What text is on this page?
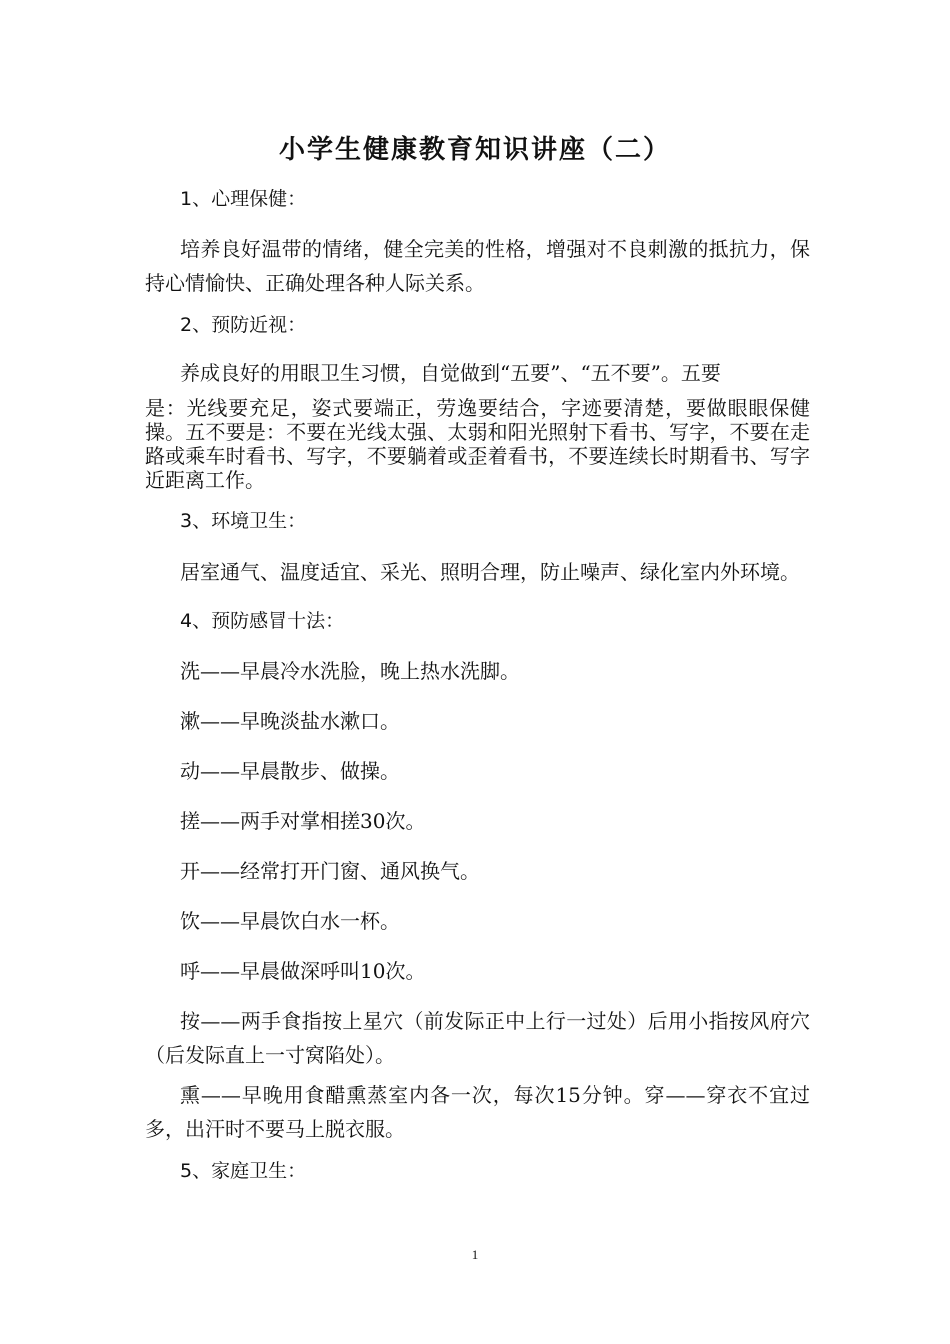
小学生健康教育知识讲座（二）
1、心理保健：
培养良好温带的情绪，健全完美的性格，增强对不良刺激的抵抗力，保持心情愉快、正确处理各种人际关系。
2、预防近视：
养成良好的用眼卫生习惯，自觉做到“五要”、“五不要”。五要
是：光线要充足，姿式要端正，劳逸要结合，字迹要清楚，要做眼眼保健操。五不要是：不要在光线太强、太弱和阳光照射下看书、写字，不要在走路或乘车时看书、写字，不要躺着或歪着看书，不要连续长时期看书、写字近距离工作。
3、环境卫生：
居室通气、温度适宜、采光、照明合理，防止噪声、绿化室内外环境。
4、预防感冒十法：
洗——早晨冷水洗脸，晚上热水洗脚。
漱——早晚淡盐水漱口。
动——早晨散步、做操。
搓——两手对掌相搓30次。
开——经常打开门窗、通风换气。
饮——早晨饮白水一杯。
呼——早晨做深呼叫10次。
按——两手食指按上星穴（前发际正中上行一过处）后用小指按风府穴（后发际直上一寸窝陷处）。
熏——早晚用食醋熏蒸室内各一次，每次15分钟。穿——穿衣不宜过多，出汗时不要马上脱衣服。
5、家庭卫生：
1
